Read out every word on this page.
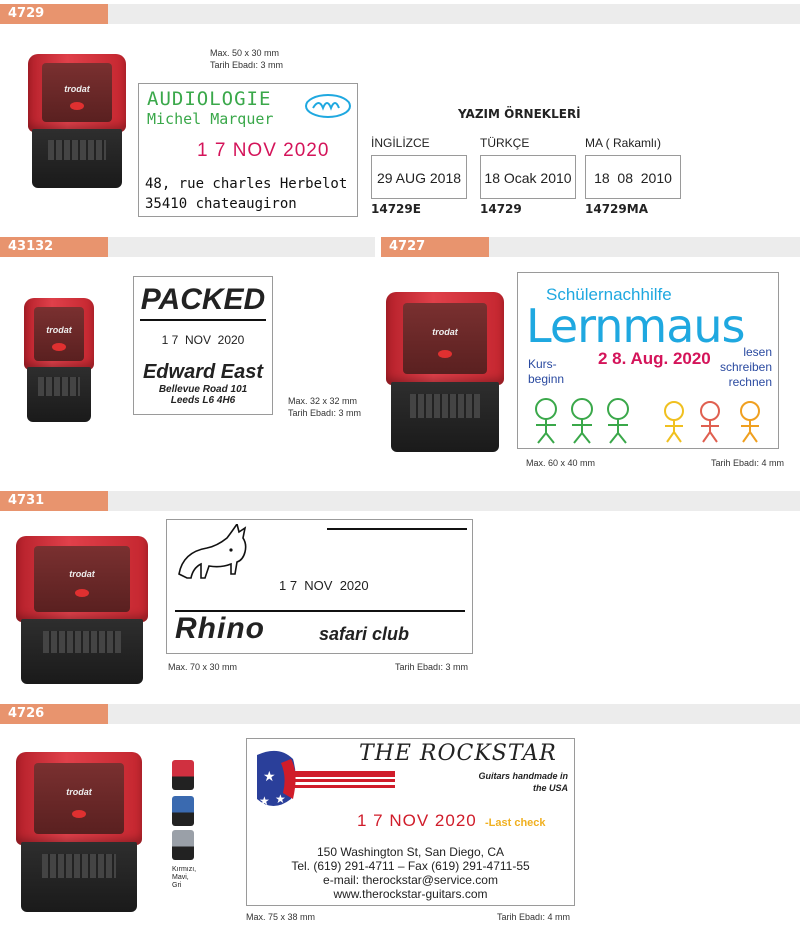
4729
trodat
Max. 50 x 30 mm
Tarih Ebadı: 3 mm
AUDIOLOGIE
Michel Marquer
1 7 NOV 2020
48, rue charles Herbelot
35410 chateaugiron
YAZIM ÖRNEKLERİ
İNGİLİZCE
29 AUG 2018
14729E
TÜRKÇE
18 Ocak 2010
14729
MA ( Rakamlı)
18  08  2010
14729MA
43132
trodat
PACKED
1 7  NOV  2020
Edward East
Bellevue Road 101
Leeds L6 4H6	Max. 32 x 32 mm
Tarih Ebadı: 3 mm
4727
trodat
Schülernachhilfe
Lernmaus
Kurs-
beginn
2 8. Aug. 2020	lesen
schreiben
rechnen
Max. 60 x 40 mm	Tarih Ebadı: 4 mm
4731
trodat
1 7  NOV  2020
Rhino	safari club
Max. 70 x 30 mm	Tarih Ebadı: 3 mm
4726
trodat
Kırmızı,
Mavi,
Gri
★
★
★
THE ROCKSTAR
Guitars handmade in
the USA
1 7 NOV 2020 -Last check
150 Washington St, San Diego, CA
Tel. (619) 291-4711 – Fax (619) 291-4711-55
e-mail: therockstar@service.com
www.therockstar-guitars.com
Max. 75 x 38 mm	Tarih Ebadı: 4 mm
